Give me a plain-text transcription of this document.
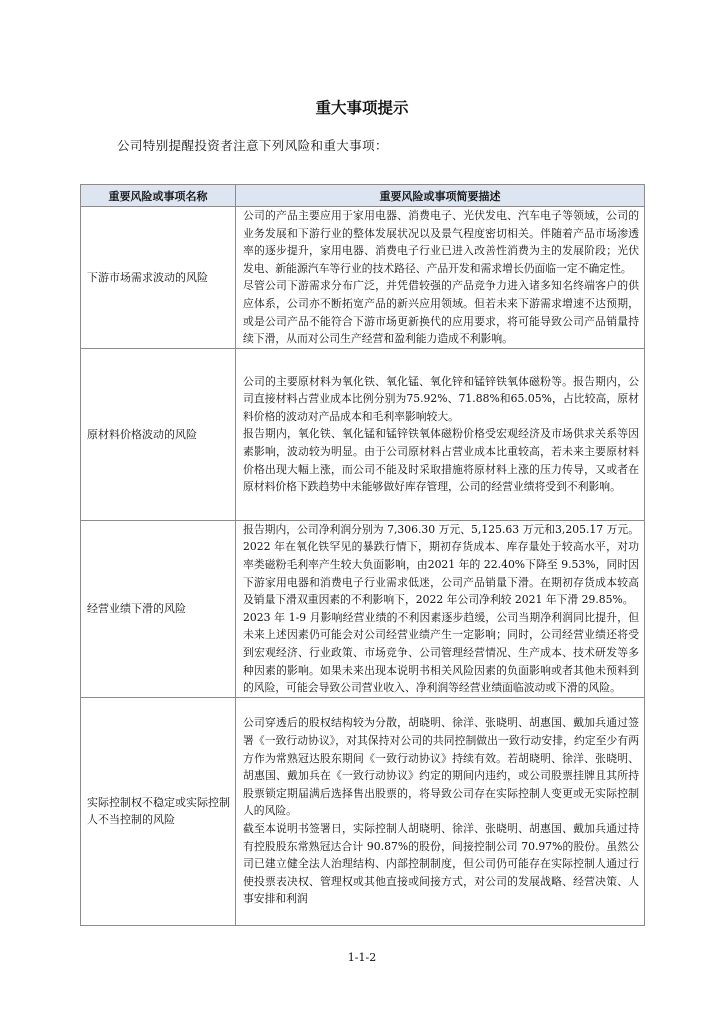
重大事项提示
公司特别提醒投资者注意下列风险和重大事项：
重要风险或事项名称	重要风险或事项简要描述
下游市场需求波动的风险	公司的产品主要应用于家用电器、消费电子、光伏发电、汽车电子等领域，公司的业务发展和下游行业的整体发展状况以及景气程度密切相关。伴随着产品市场渗透率的逐步提升，家用电器、消费电子行业已进入改善性消费为主的发展阶段；光伏发电、新能源汽车等行业的技术路径、产品开发和需求增长仍面临一定不确定性。

尽管公司下游需求分布广泛，并凭借较强的产品竞争力进入诸多知名终端客户的供应体系，公司亦不断拓宽产品的新兴应用领域。但若未来下游需求增速不达预期，或是公司产品不能符合下游市场更新换代的应用要求，将可能导致公司产品销量持续下滑，从而对公司生产经营和盈利能力造成不利影响。

原材料价格波动的风险	公司的主要原材料为氧化铁、氧化锰、氧化锌和锰锌铁氧体磁粉等。报告期内，公司直接材料占营业成本比例分别为75.92%、71.88%和65.05%，占比较高，原材料价格的波动对产品成本和毛利率影响较大。

报告期内，氧化铁、氧化锰和锰锌铁氧体磁粉价格受宏观经济及市场供求关系等因素影响，波动较为明显。由于公司原材料占营业成本比重较高，若未来主要原材料价格出现大幅上涨，而公司不能及时采取措施将原材料上涨的压力传导，又或者在原材料价格下跌趋势中未能够做好库存管理，公司的经营业绩将受到不利影响。

经营业绩下滑的风险	报告期内，公司净利润分别为 7,306.30 万元、5,125.63 万元和3,205.17 万元。2022 年在氧化铁罕见的暴跌行情下，期初存货成本、库存量处于较高水平，对功率类磁粉毛利率产生较大负面影响，由2021 年的 22.40%下降至 9.53%，同时因下游家用电器和消费电子行业需求低迷，公司产品销量下滑。在期初存货成本较高及销量下滑双重因素的不利影响下，2022 年公司净利较 2021 年下滑 29.85%。

2023 年 1-9 月影响经营业绩的不利因素逐步趋缓，公司当期净利润同比提升，但未来上述因素仍可能会对公司经营业绩产生一定影响；同时，公司经营业绩还将受到宏观经济、行业政策、市场竞争、公司管理经营情况、生产成本、技术研发等多种因素的影响。如果未来出现本说明书相关风险因素的负面影响或者其他未预料到的风险，可能会导致公司营业收入、净利润等经营业绩面临波动或下滑的风险。

实际控制权不稳定或实际控制人不当控制的风险	公司穿透后的股权结构较为分散，胡晓明、徐洋、张晓明、胡惠国、戴加兵通过签署《一致行动协议》，对其保持对公司的共同控制做出一致行动安排，约定至少有两方作为常熟冠达股东期间《一致行动协议》持续有效。若胡晓明、徐洋、张晓明、胡惠国、戴加兵在《一致行动协议》约定的期间内违约，或公司股票挂牌且其所持股票锁定期届满后选择售出股票的，将导致公司存在实际控制人变更或无实际控制人的风险。

截至本说明书签署日，实际控制人胡晓明、徐洋、张晓明、胡惠国、戴加兵通过持有控股股东常熟冠达合计 90.87%的股份，间接控制公司 70.97%的股份。虽然公司已建立健全法人治理结构、内部控制制度，但公司仍可能存在实际控制人通过行使投票表决权、管理权或其他直接或间接方式，对公司的发展战略、经营决策、人事安排和利润

1-1-2
